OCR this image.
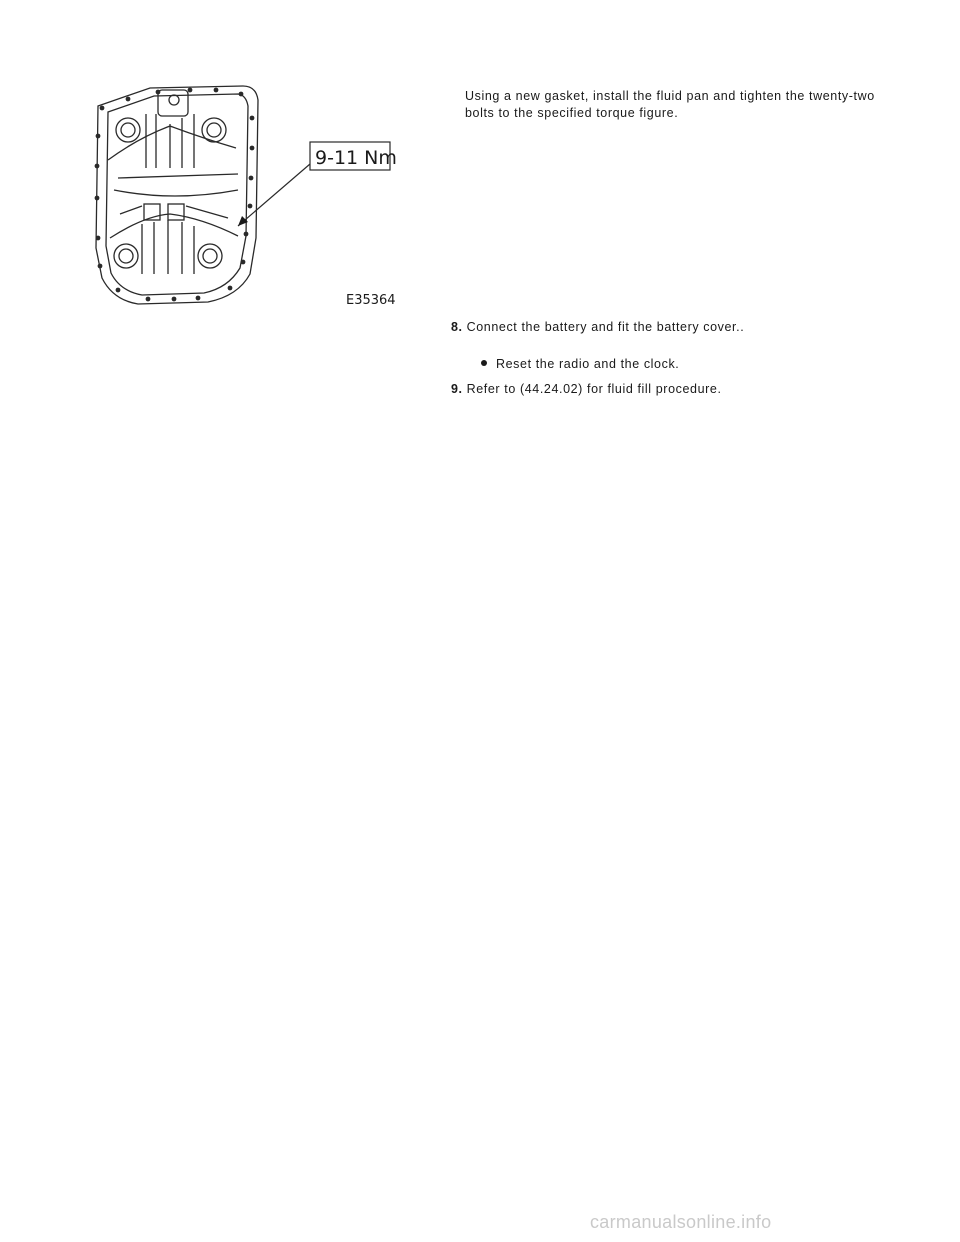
9-11 Nm
E35364
Using a new gasket, install the fluid pan and tighten the twenty-two bolts to the specified torque figure.
8. Connect the battery and fit the battery cover..
Reset the radio and the clock.
9. Refer to (44.24.02) for fluid fill procedure.
carmanualsonline.info
